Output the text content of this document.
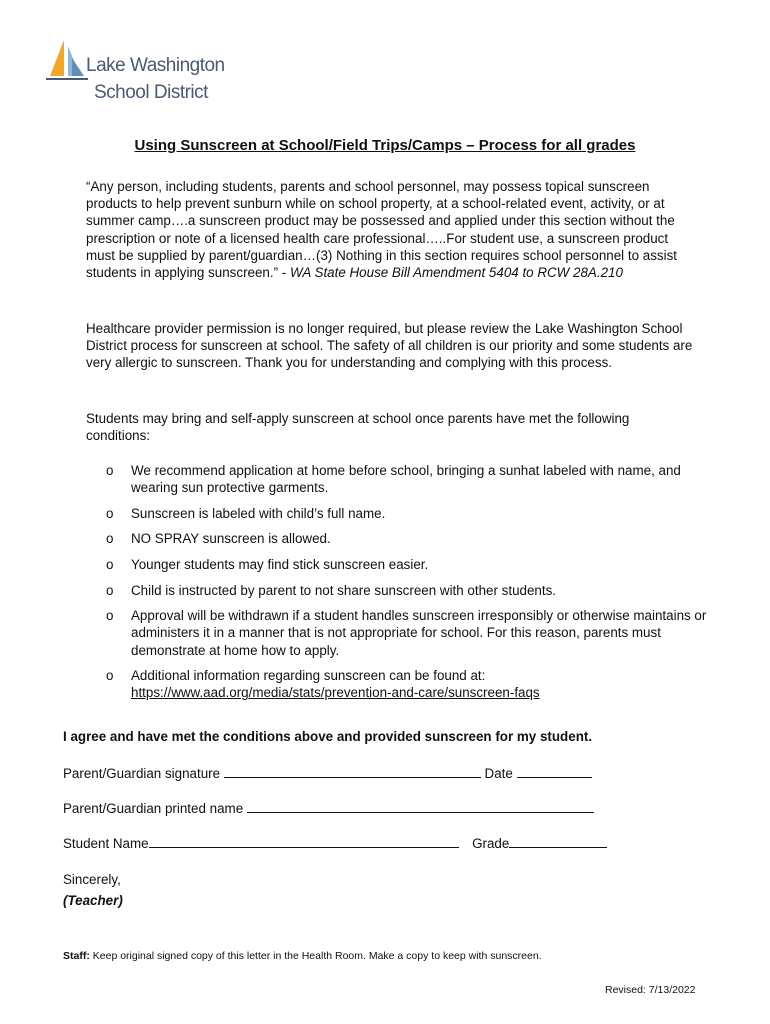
Lake Washington
School District
Using Sunscreen at School/Field Trips/Camps – Process for all grades
“Any person, including students, parents and school personnel, may possess topical sunscreen products to help prevent sunburn while on school property, at a school-related event, activity, or at summer camp….a sunscreen product may be possessed and applied under this section without the prescription or note of a licensed health care professional…..For student use, a sunscreen product must be supplied by parent/guardian…(3) Nothing in this section requires school personnel to assist students in applying sunscreen.” - WA State House Bill Amendment 5404 to RCW 28A.210
Healthcare provider permission is no longer required, but please review the Lake Washington School District process for sunscreen at school. The safety of all children is our priority and some students are very allergic to sunscreen. Thank you for understanding and complying with this process.
Students may bring and self-apply sunscreen at school once parents have met the following conditions:
o We recommend application at home before school, bringing a sunhat labeled with name, and wearing sun protective garments.
o Sunscreen is labeled with child’s full name.
o NO SPRAY sunscreen is allowed.
o Younger students may find stick sunscreen easier.
o Child is instructed by parent to not share sunscreen with other students.
o Approval will be withdrawn if a student handles sunscreen irresponsibly or otherwise maintains or administers it in a manner that is not appropriate for school. For this reason, parents must demonstrate at home how to apply.
o Additional information regarding sunscreen can be found at:
https://www.aad.org/media/stats/prevention-and-care/sunscreen-faqs
I agree and have met the conditions above and provided sunscreen for my student.
Parent/Guardian signature	Date
Parent/Guardian printed name
Student Name	Grade
Sincerely,
(Teacher)
Staff: Keep original signed copy of this letter in the Health Room. Make a copy to keep with sunscreen.
Revised: 7/13/2022
